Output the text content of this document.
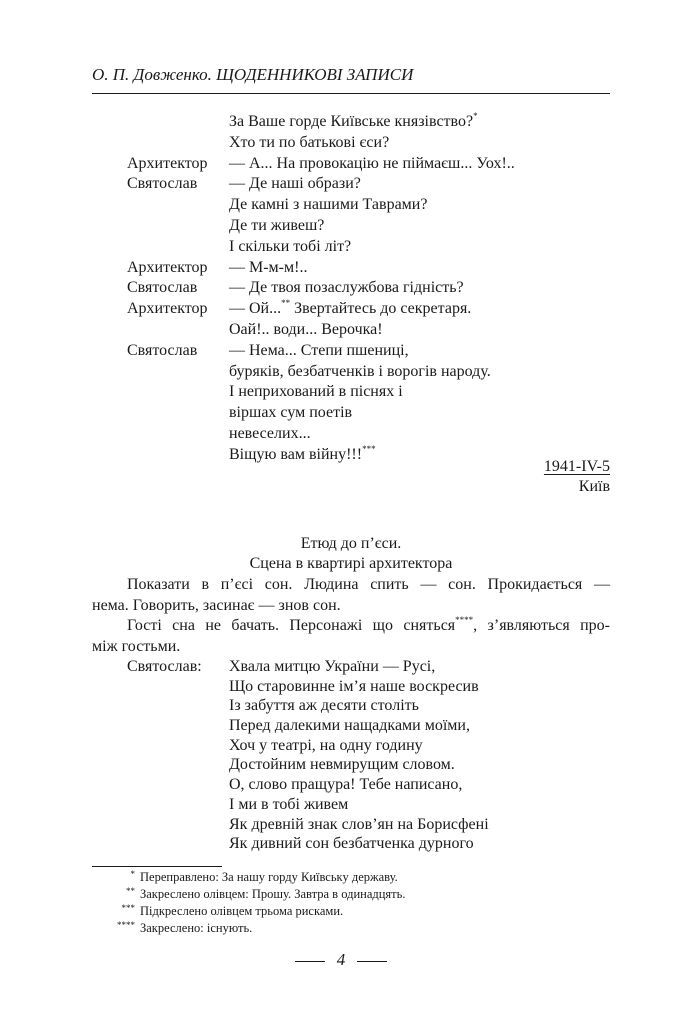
О. П. Довженко. ЩОДЕННИКОВІ ЗАПИСИ
За Ваше горде Київське князівство?*
Хто ти по батькові єси?
Архитектор — А... На провокацію не пiймаєш... Уох!..
Святослав — Де наші образи?
Де камні з нашими Таврами?
Де ти живеш?
І скільки тобі літ?
Архитектор — М-м-м!..
Святослав — Де твоя позаслужбова гідність?
Архитектор — Ой...** Звертайтесь до секретаря.
Оай!.. води... Верочка!
Святослав — Нема... Степи пшениці,
буряків, безбатченків і ворогів народу.
І неприхований в піснях і
віршах сум поетів
невеселих...
Віщую вам війну!!!***
1941-IV-5
Київ
Етюд до п’єси.
Сцена в квартирі архитектора
Показати в п’єсі сон. Людина спить — сон. Прокидається —
нема. Говорить, засинає — знов сон.
Гості сна не бачать. Персонажі що сняться****, з’являються про-
між гостьми.
Святослав: Хвала митцю України — Русі,
Що старовинне ім’я наше воскресив
Із забуття аж десяти століть
Перед далекими нащадками моїми,
Хоч у театрі, на одну годину
Достойним невмирущим словом.
О, слово пращура! Тебе написано,
І ми в тобі живем
Як древній знак слов’ян на Борисфені
Як дивний сон безбатченка дурного
* Переправлено: За нашу горду Київську державу.
** Закреслено олівцем: Прошу. Завтра в одинадцять.
*** Підкреслено олівцем трьома рисками.
**** Закреслено: існують.
4
